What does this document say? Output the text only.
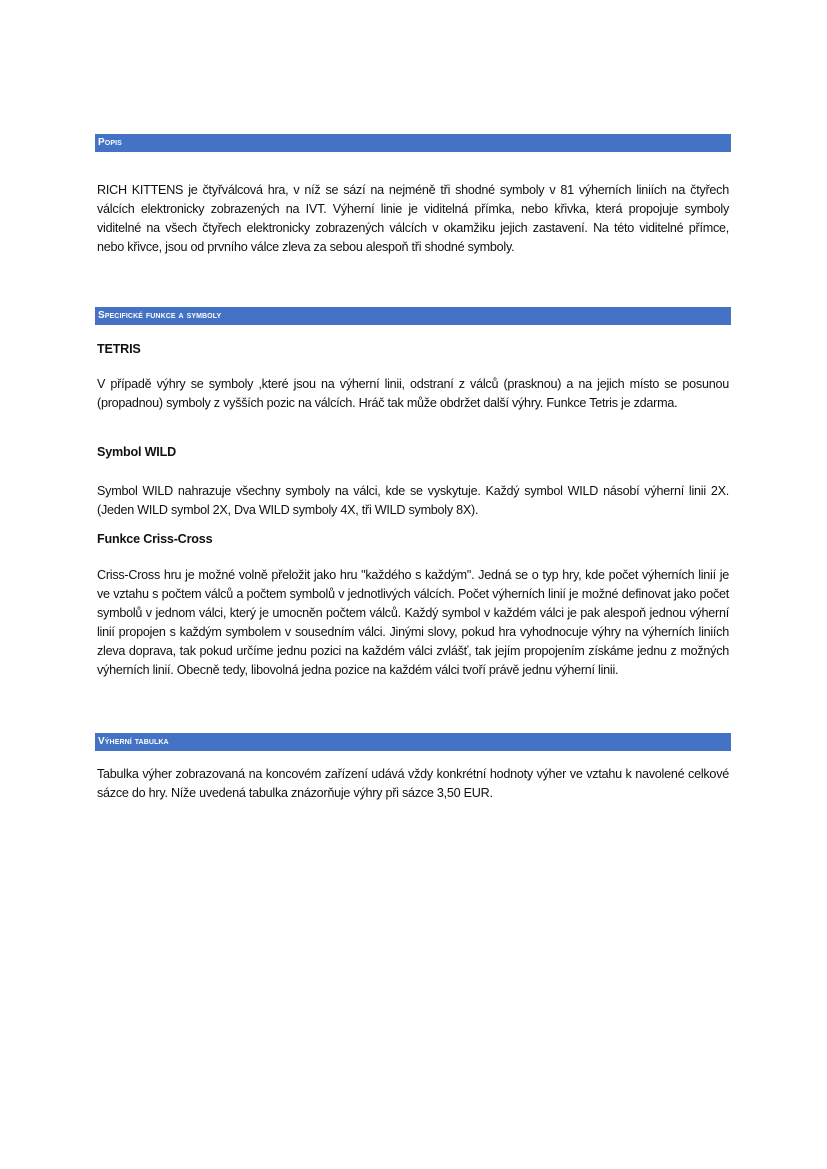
Popis
RICH KITTENS je čtyřválcová hra, v níž se sází na nejméně tři shodné symboly v 81 výherních liniích na čtyřech válcích elektronicky zobrazených na IVT. Výherní linie je viditelná přímka, nebo křivka, která propojuje symboly viditelné na všech čtyřech elektronicky zobrazených válcích v okamžiku jejich zastavení. Na této viditelné přímce, nebo křivce, jsou od prvního válce zleva za sebou alespoň tři shodné symboly.
Specifické funkce a symboly
TETRIS
V případě výhry se symboly ,které jsou na výherní linii, odstraní z válců (prasknou) a na jejich místo se posunou (propadnou) symboly z vyšších pozic na válcích. Hráč tak může obdržet další výhry. Funkce Tetris je zdarma.
Symbol WILD
Symbol WILD nahrazuje všechny symboly na válci, kde se vyskytuje. Každý symbol WILD násobí výherní linii 2X. (Jeden WILD symbol 2X, Dva WILD symboly 4X, tři WILD symboly 8X).
Funkce Criss-Cross
Criss-Cross hru je možné volně přeložit jako hru "každého s každým". Jedná se o typ hry, kde počet výherních linií je ve vztahu s počtem válců a počtem symbolů v jednotlivých válcích. Počet výherních linií je možné definovat jako počet symbolů v jednom válci, který je umocněn počtem válců. Každý symbol v každém válci je pak alespoň jednou výherní linií propojen s každým symbolem v sousedním válci. Jinými slovy, pokud hra vyhodnocuje výhry na výherních liniích zleva doprava, tak pokud určíme jednu pozici na každém válci zvlášť, tak jejím propojením získáme jednu z možných výherních linií. Obecně tedy, libovolná jedna pozice na každém válci tvoří právě jednu výherní linii.
Výherní tabulka
Tabulka výher zobrazovaná na koncovém zařízení udává vždy konkrétní hodnoty výher ve vztahu k navolené celkové sázce do hry. Níže uvedená tabulka znázorňuje výhry při sázce 3,50 EUR.
